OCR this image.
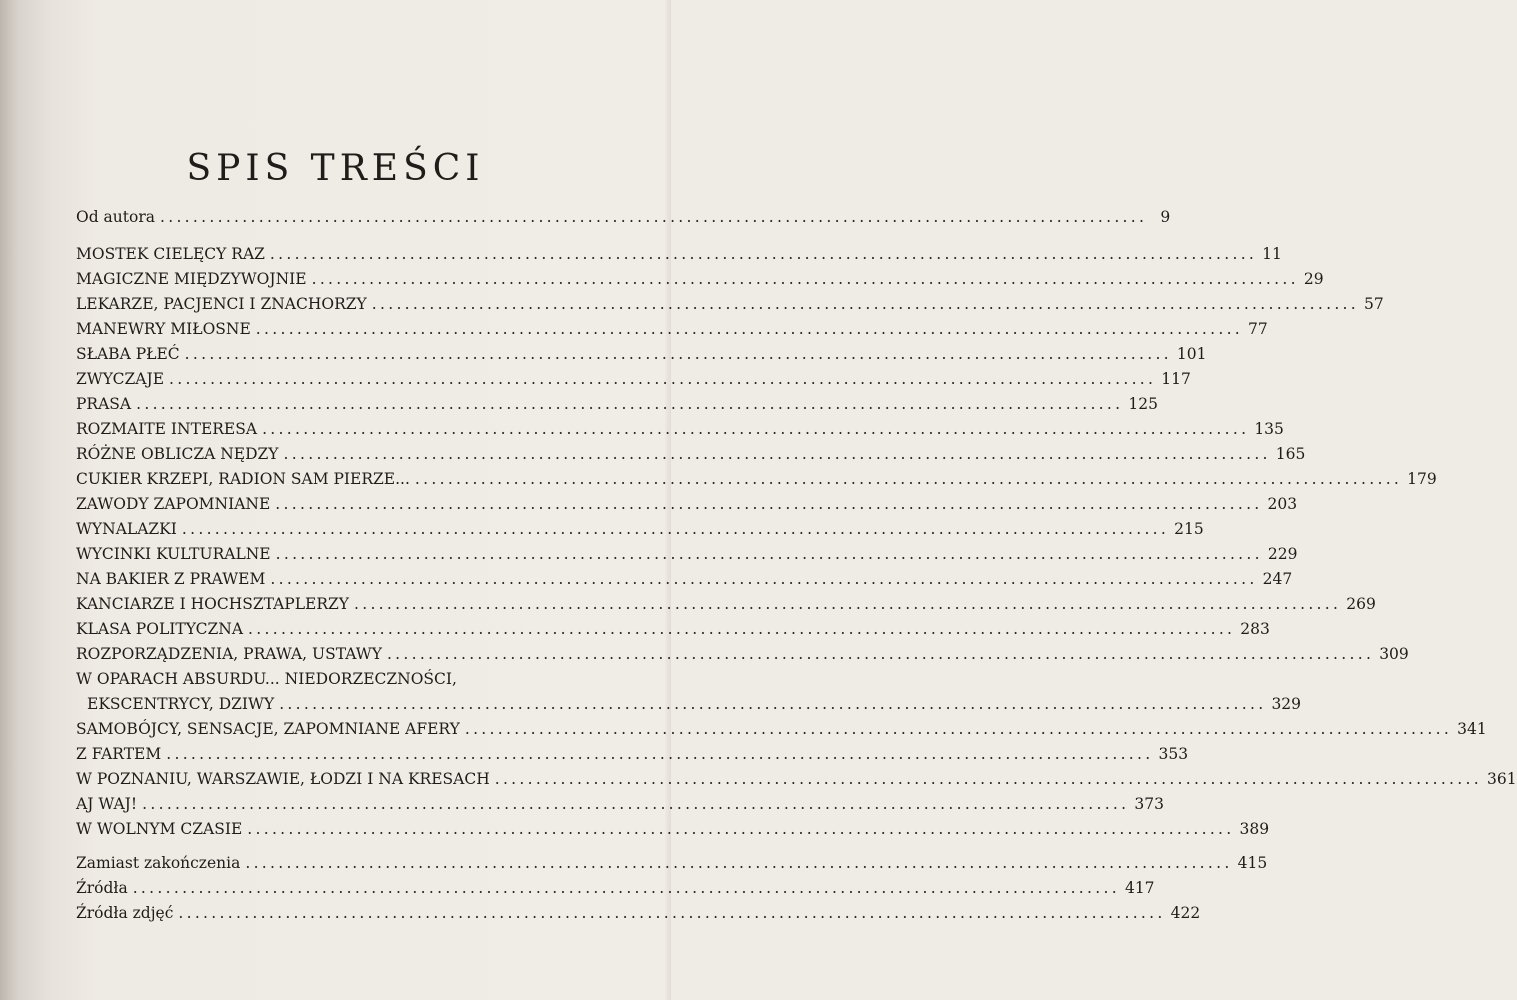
SPIS TREŚCI
Od autora ........................................................................................................................ 9
MOSTEK CIELĘCY RAZ ........................................................................................................................ 11
MAGICZNE MIĘDZYWOJNIE ........................................................................................................................ 29
LEKARZE, PACJENCI I ZNACHORZY ........................................................................................................................ 57
MANEWRY MIŁOSNE ........................................................................................................................ 77
SŁABA PŁEĆ ........................................................................................................................ 101
ZWYCZAJE ........................................................................................................................ 117
PRASA ........................................................................................................................ 125
ROZMAITE INTERESA ........................................................................................................................ 135
RÓŻNE OBLICZA NĘDZY ........................................................................................................................ 165
CUKIER KRZEPI, RADION SAM PIERZE... ........................................................................................................................ 179
ZAWODY ZAPOMNIANE ........................................................................................................................ 203
WYNALAZKI ........................................................................................................................ 215
WYCINKI KULTURALNE ........................................................................................................................ 229
NA BAKIER Z PRAWEM ........................................................................................................................ 247
KANCIARZE I HOCHSZTAPLERZY ........................................................................................................................ 269
KLASA POLITYCZNA ........................................................................................................................ 283
ROZPORZĄDZENIA, PRAWA, USTAWY ........................................................................................................................ 309
W OPARACH ABSURDU... NIEDORZECZNOŚCI,
EKSCENTRYCY, DZIWY ........................................................................................................................ 329
SAMOBÓJCY, SENSACJE, ZAPOMNIANE AFERY ........................................................................................................................ 341
Z FARTEM ........................................................................................................................ 353
W POZNANIU, WARSZAWIE, ŁODZI I NA KRESACH ........................................................................................................................ 361
AJ WAJ! ........................................................................................................................ 373
W WOLNYM CZASIE ........................................................................................................................ 389
Zamiast zakończenia ........................................................................................................................ 415
Źródła ........................................................................................................................ 417
Źródła zdjęć ........................................................................................................................ 422
